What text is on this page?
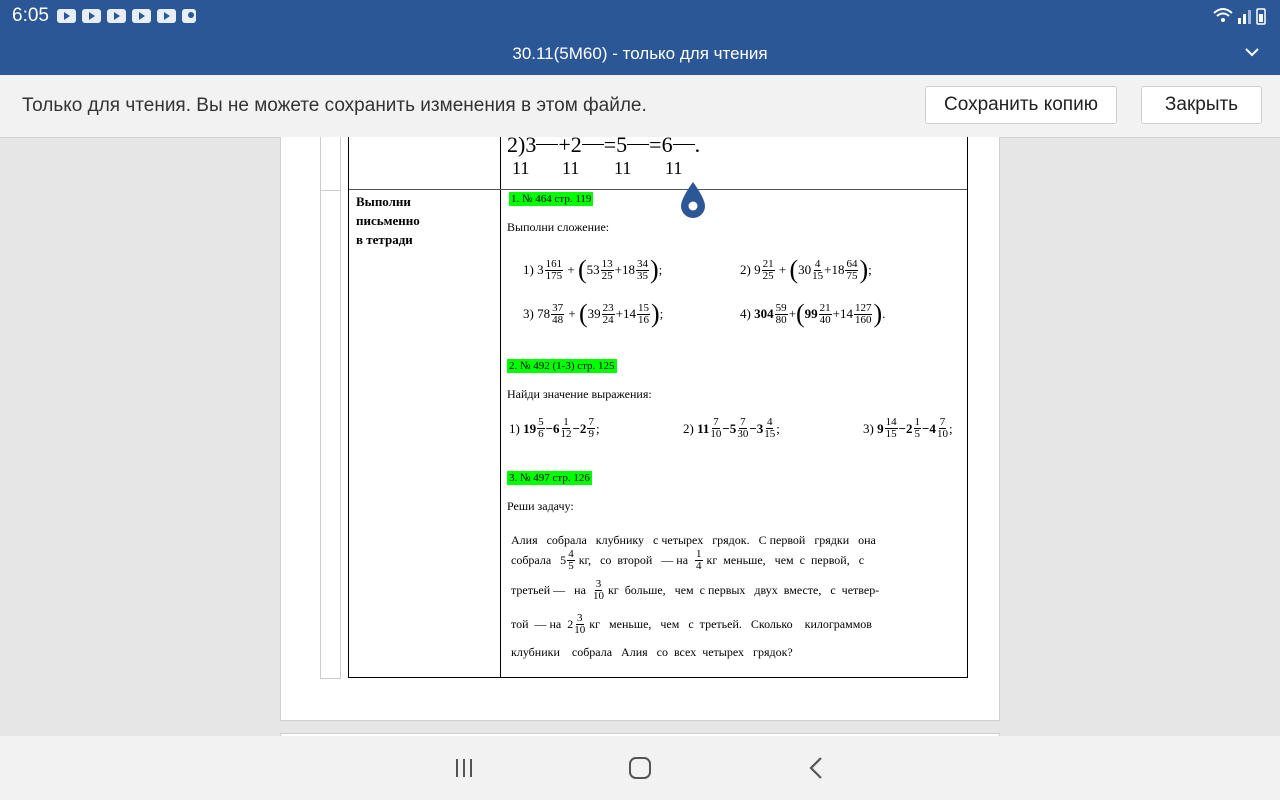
6:05
30.11(5M60) - только для чтения
Только для чтения. Вы не можете сохранить изменения в этом файле.	Сохранить копию	Закрыть
2)3 +2 =5 =6 .
11 11 11 11
Выполни
письменно
в тетради
1. № 464 стр. 119
Выполни сложение:
1)
$3 \frac{161}{175}$
+
( $53 \frac{13}{25} +18 \frac{34}{35}$ ) ;	2)
$9 \frac{21}{25}$
+
( $30 \frac{4}{15} +18 \frac{64}{75}$ ) ;
3)
$78 \frac{37}{48}$
+
( $39 \frac{23}{24} +14 \frac{15}{16}$ ) ;	4)
$304 \frac{59}{80}$ + ( $99 \frac{21}{40} +14 \frac{127}{160}$ ) .
2. № 492 (1-3) стр. 125
Найди значение выражения:
1)
$19 \frac{5}{6} -6 \frac{1}{12} -2 \frac{7}{9}$ ;	2)
$11 \frac{7}{10} -5 \frac{7}{30} -3 \frac{4}{15}$ ;	3)
$9 \frac{14}{15} -2 \frac{1}{5} -4 \frac{7}{10}$ ;
3. № 497 стр. 126
Реши задачу:
Алия   собрала   клубнику   с четырех   грядок.   С первой   грядки   она
собрала   $5 \frac{4}{5}$ кг,   со  второй   — на $\frac{1}{4}$ кг  меньше,   чем  с  первой,   с
третьей —   на $\frac{3}{10}$ кг  больше,   чем  с первых   двух  вместе,   с  четвер-
той  — на  $2 \frac{3}{10}$ кг   меньше,   чем   с  третьей.   Сколько    килограммов
клубники    собрала   Алия   со  всех  четырех   грядок?
